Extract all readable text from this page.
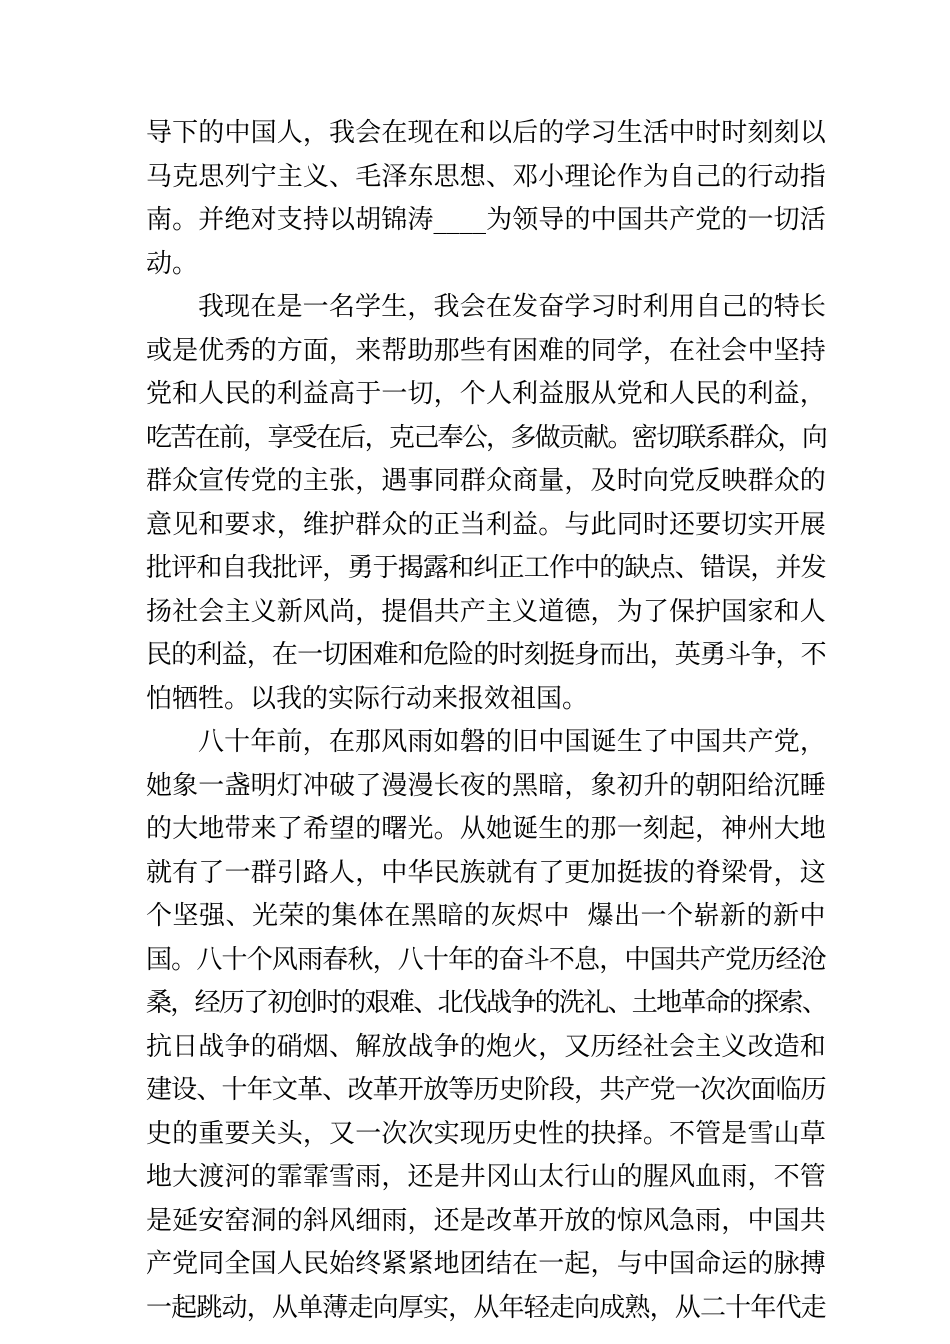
导下的中国人，我会在现在和以后的学习生活中时时刻刻以
马克思列宁主义、毛泽东思想、邓小理论作为自己的行动指
南。并绝对支持以胡锦涛____为领导的中国共产党的一切活
动。
我现在是一名学生，我会在发奋学习时利用自己的特长
或是优秀的方面，来帮助那些有困难的同学，在社会中坚持
党和人民的利益高于一切，个人利益服从党和人民的利益，
吃苦在前，享受在后，克己奉公，多做贡献。密切联系群众，向
群众宣传党的主张，遇事同群众商量，及时向党反映群众的
意见和要求，维护群众的正当利益。与此同时还要切实开展
批评和自我批评，勇于揭露和纠正工作中的缺点、错误，并发
扬社会主义新风尚，提倡共产主义道德，为了保护国家和人
民的利益，在一切困难和危险的时刻挺身而出，英勇斗争，不
怕牺牲。以我的实际行动来报效祖国。
八十年前，在那风雨如磐的旧中国诞生了中国共产党，
她象一盏明灯冲破了漫漫长夜的黑暗，象初升的朝阳给沉睡
的大地带来了希望的曙光。从她诞生的那一刻起，神州大地
就有了一群引路人，中华民族就有了更加挺拔的脊梁骨，这
个坚强、光荣的集体在黑暗的灰烬中  爆出一个崭新的新中
国。八十个风雨春秋，八十年的奋斗不息，中国共产党历经沧
桑，经历了初创时的艰难、北伐战争的洗礼、土地革命的探索、
抗日战争的硝烟、解放战争的炮火，又历经社会主义改造和
建设、十年文革、改革开放等历史阶段，共产党一次次面临历
史的重要关头，又一次次实现历史性的抉择。不管是雪山草
地大渡河的霏霏雪雨，还是井冈山太行山的腥风血雨，不管
是延安窑洞的斜风细雨，还是改革开放的惊风急雨，中国共
产党同全国人民始终紧紧地团结在一起，与中国命运的脉搏
一起跳动，从单薄走向厚实，从年轻走向成熟，从二十年代走
